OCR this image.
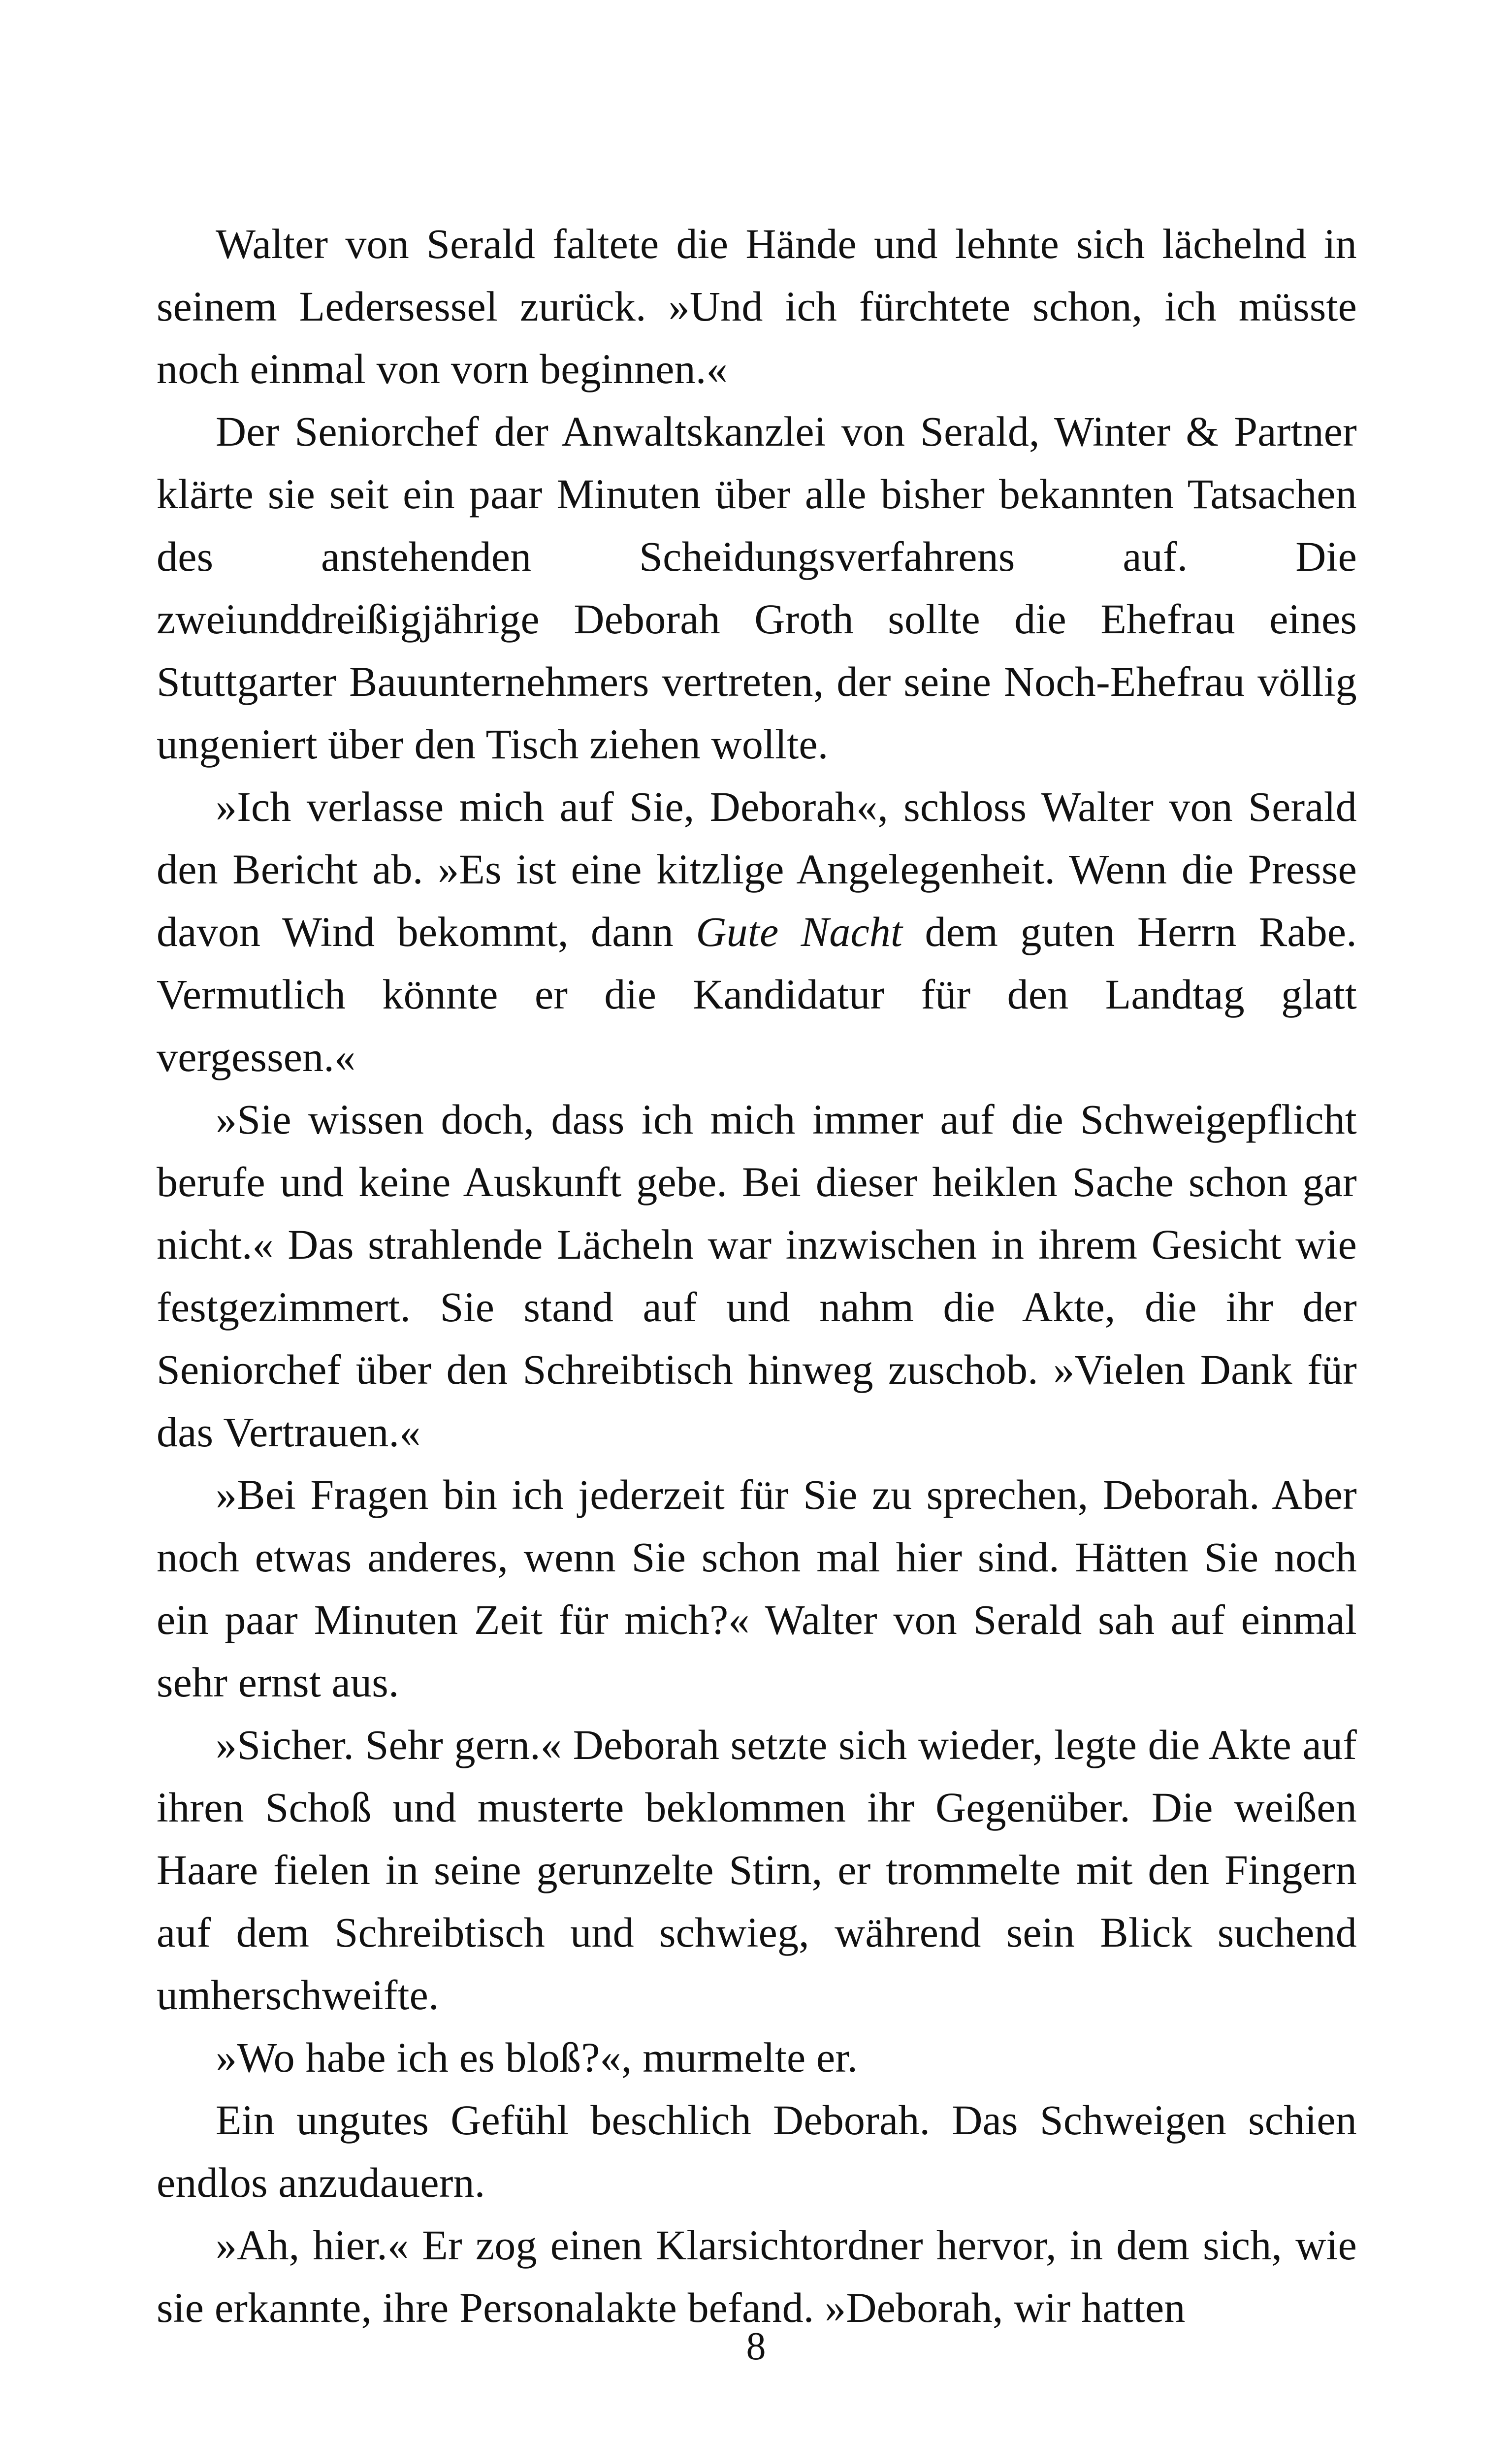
Walter von Serald faltete die Hände und lehnte sich lächelnd in seinem Ledersessel zurück. »Und ich fürchtete schon, ich müsste noch einmal von vorn beginnen.«

Der Seniorchef der Anwaltskanzlei von Serald, Winter & Partner klärte sie seit ein paar Minuten über alle bisher bekannten Tatsachen des anstehenden Scheidungsverfahrens auf. Die zweiunddreißigjährige Deborah Groth sollte die Ehefrau eines Stuttgarter Bauunternehmers vertreten, der seine Noch-Ehefrau völlig ungeniert über den Tisch ziehen wollte.

»Ich verlasse mich auf Sie, Deborah«, schloss Walter von Serald den Bericht ab. »Es ist eine kitzlige Angelegenheit. Wenn die Presse davon Wind bekommt, dann Gute Nacht dem guten Herrn Rabe. Vermutlich könnte er die Kandidatur für den Landtag glatt vergessen.«

»Sie wissen doch, dass ich mich immer auf die Schweigepflicht berufe und keine Auskunft gebe. Bei dieser heiklen Sache schon gar nicht.« Das strahlende Lächeln war inzwischen in ihrem Gesicht wie festgezimmert. Sie stand auf und nahm die Akte, die ihr der Seniorchef über den Schreibtisch hinweg zuschob. »Vielen Dank für das Vertrauen.«

»Bei Fragen bin ich jederzeit für Sie zu sprechen, Deborah. Aber noch etwas anderes, wenn Sie schon mal hier sind. Hätten Sie noch ein paar Minuten Zeit für mich?« Walter von Serald sah auf einmal sehr ernst aus.

»Sicher. Sehr gern.« Deborah setzte sich wieder, legte die Akte auf ihren Schoß und musterte beklommen ihr Gegenüber. Die weißen Haare fielen in seine gerunzelte Stirn, er trommelte mit den Fingern auf dem Schreibtisch und schwieg, während sein Blick suchend umherschweifte.

»Wo habe ich es bloß?«, murmelte er.

Ein ungutes Gefühl beschlich Deborah. Das Schweigen schien endlos anzudauern.

»Ah, hier.« Er zog einen Klarsichtordner hervor, in dem sich, wie sie erkannte, ihre Personalakte befand. »Deborah, wir hatten

8
